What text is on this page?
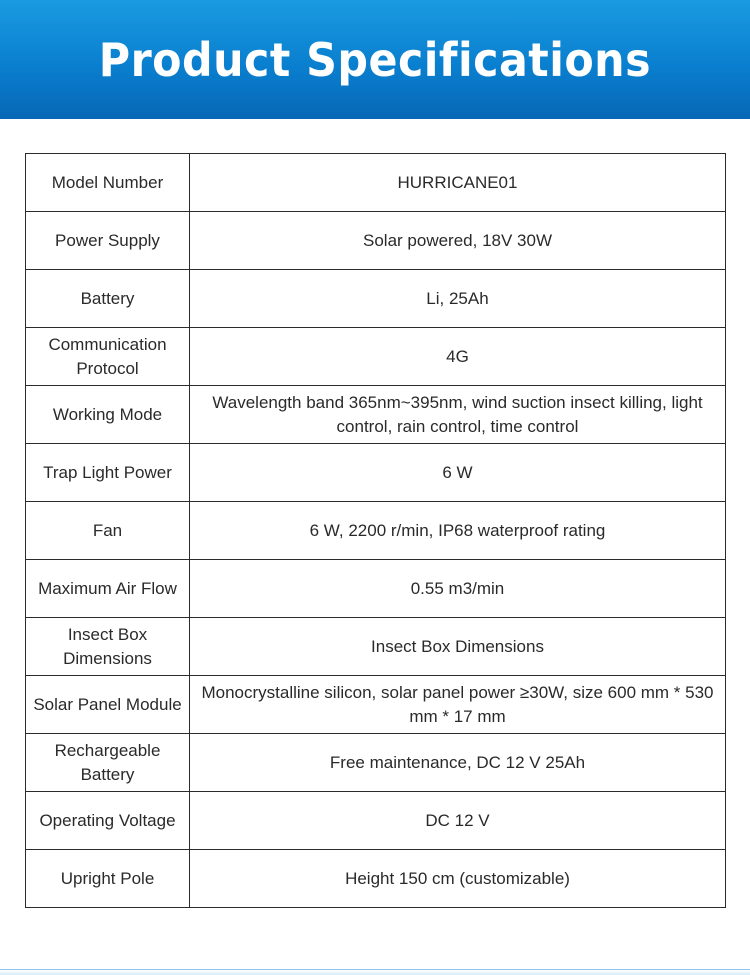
Product Specifications
Model Number	HURRICANE01
Power Supply	Solar powered, 18V 30W
Battery	Li, 25Ah
Communication Protocol	4G
Working Mode	Wavelength band 365nm~395nm, wind suction insect killing, light control, rain control, time control
Trap Light Power	6 W
Fan	6 W, 2200 r/min, IP68 waterproof rating
Maximum Air Flow	0.55 m3/min
Insect Box Dimensions	Insect Box Dimensions
Solar Panel Module	Monocrystalline silicon, solar panel power ≥30W, size 600 mm * 530 mm * 17 mm
Rechargeable Battery	Free maintenance, DC 12 V 25Ah
Operating Voltage	DC 12 V
Upright Pole	Height 150 cm (customizable)
